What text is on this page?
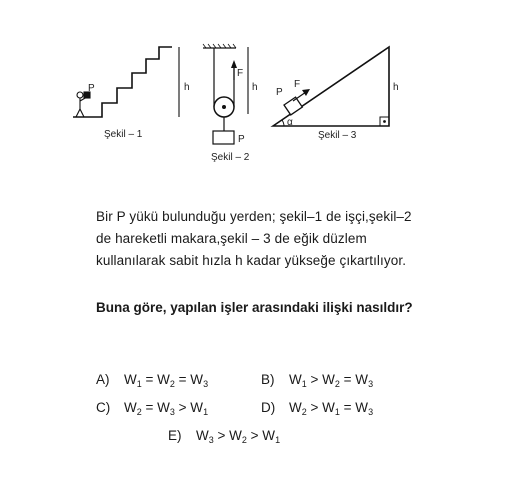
h
P
Şekil – 1
F
P
h
Şekil – 2
α
P
F	h
Şekil – 3
Bir P yükü bulunduğu yerden; şekil–1 de işçi,şekil–2 de hareketli makara,şekil – 3 de eğik düzlem kullanılarak sabit hızla h kadar yükseğe çıkartılıyor.
Buna göre, yapılan işler arasındaki ilişki nasıldır?
A) $W_1 = W_2 = W_3$	B) $W_1 > W_2 = W_3$
C) $W_2 = W_3 > W_1$	D) $W_2 > W_1 = W_3$
E) $W_3 > W_2 > W_1$
